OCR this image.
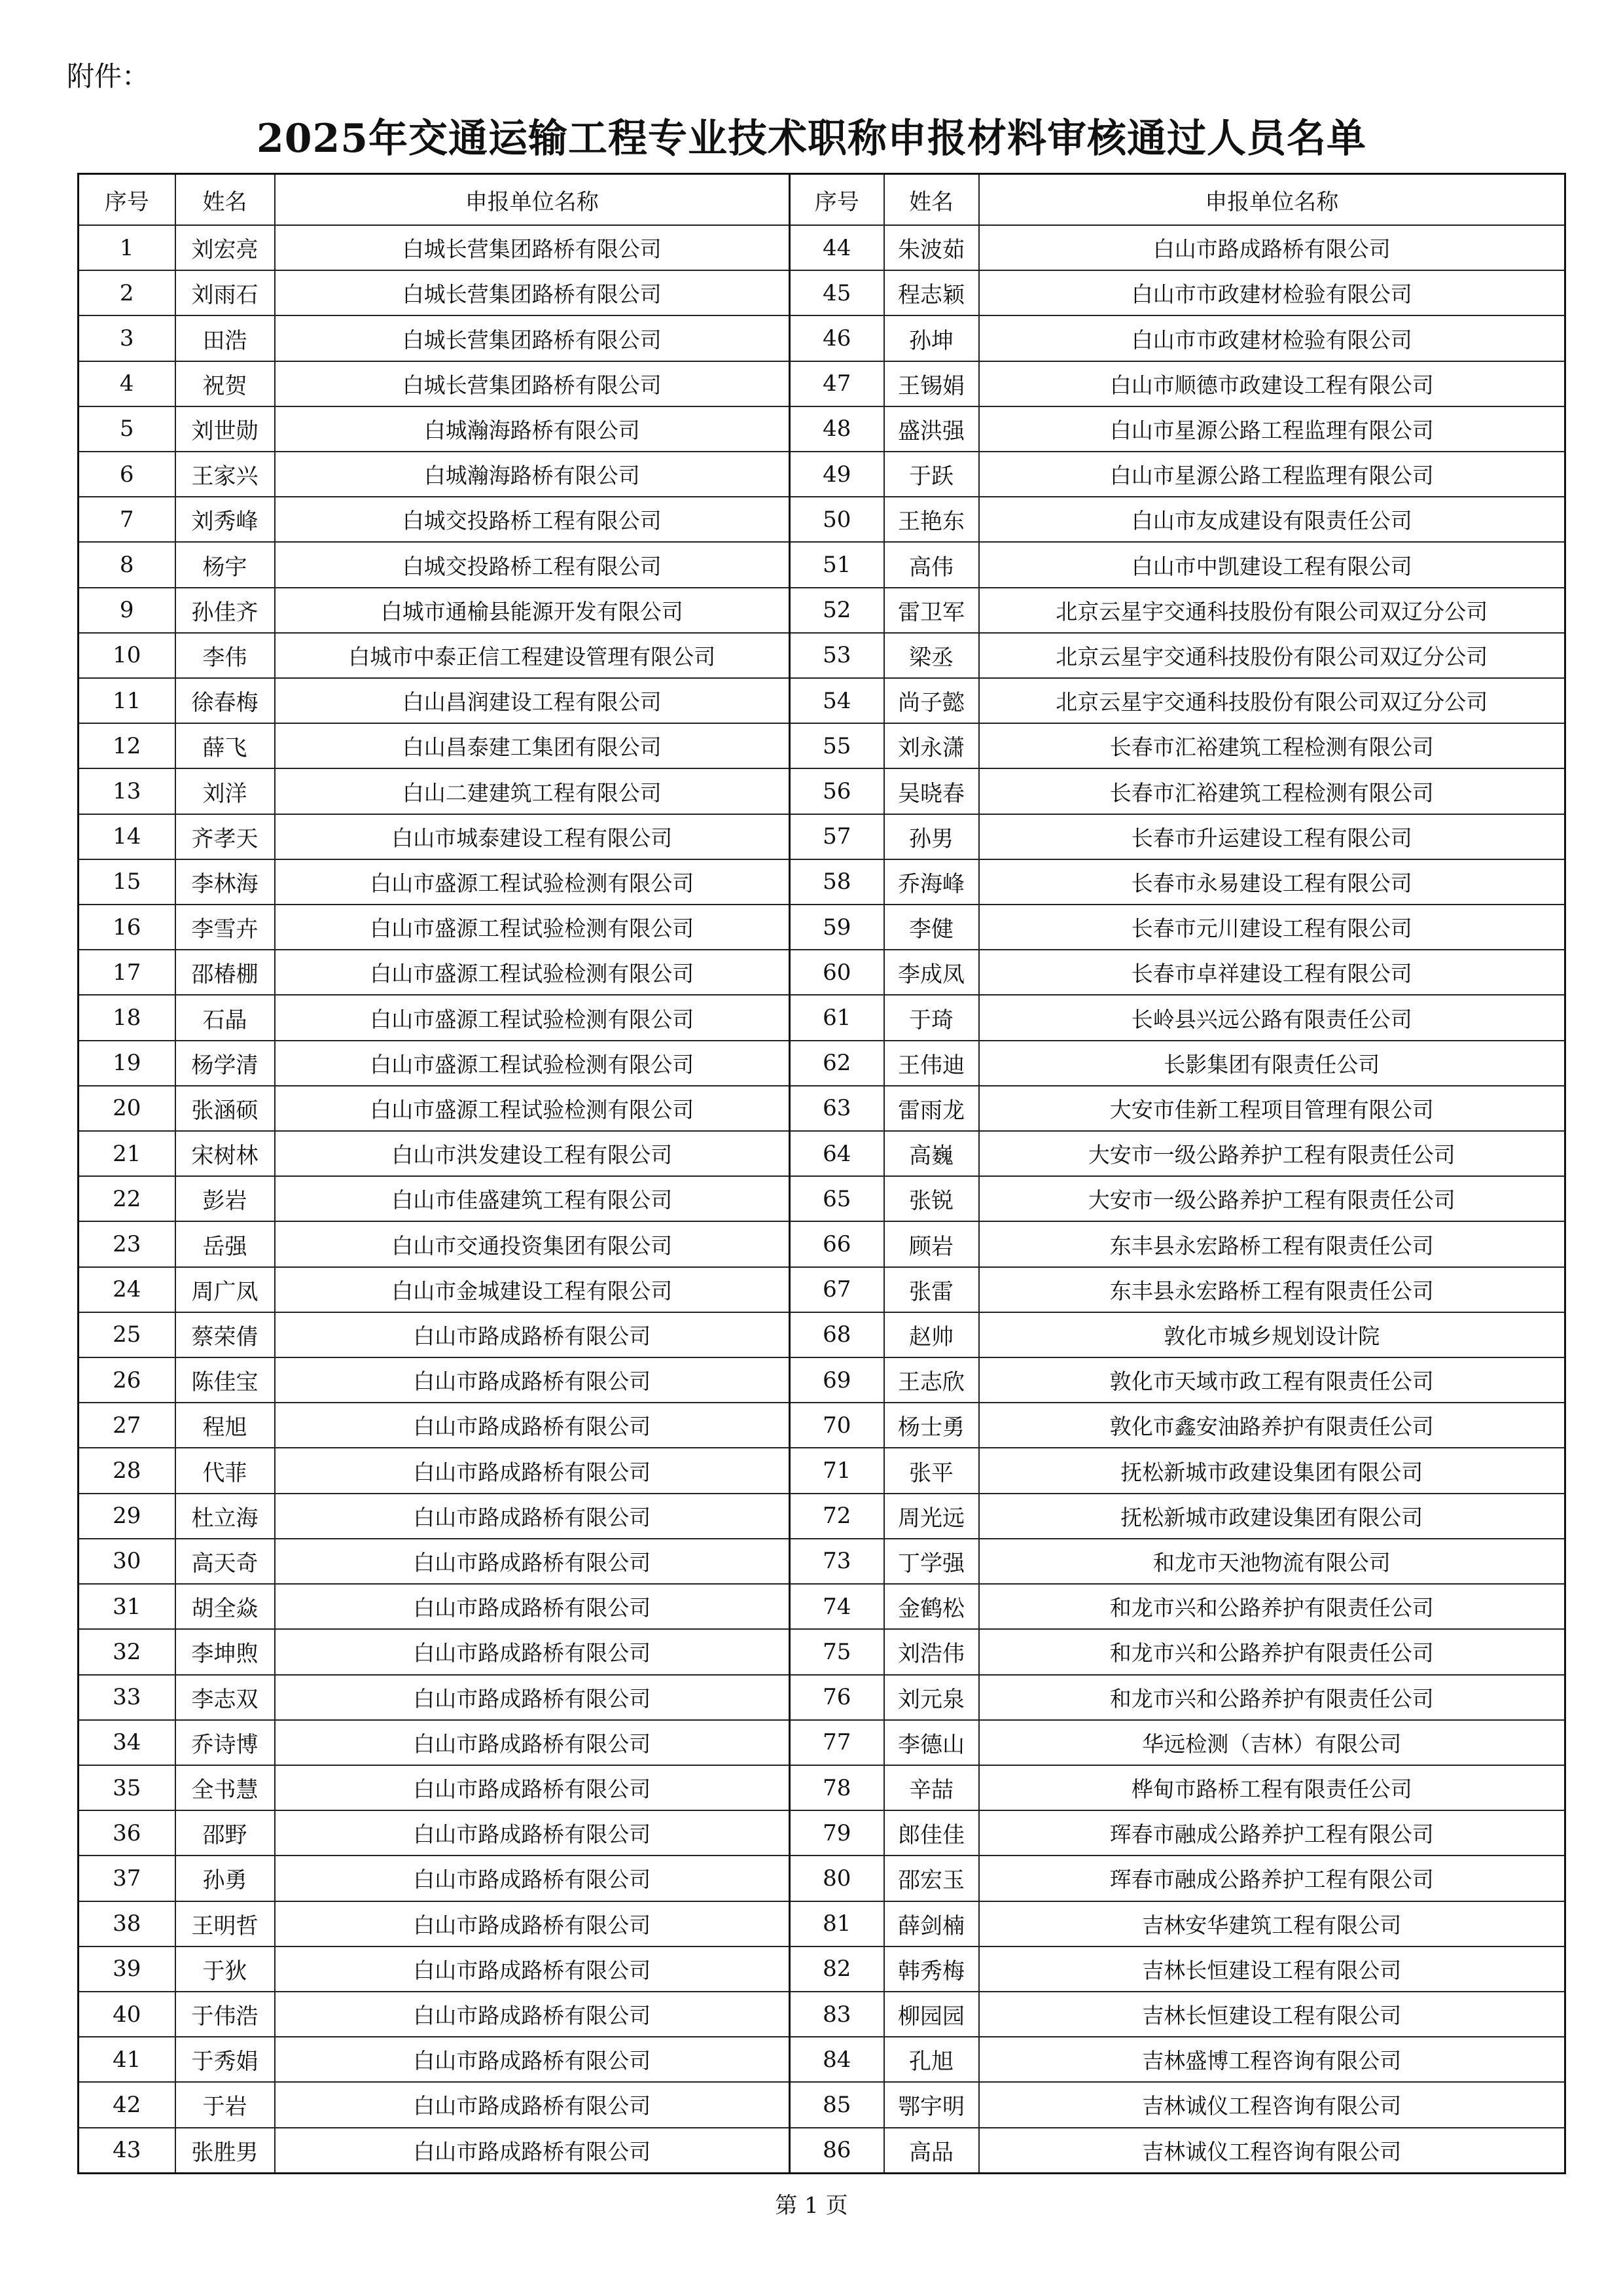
附件：
2025年交通运输工程专业技术职称申报材料审核通过人员名单
序号	姓名	申报单位名称	序号	姓名	申报单位名称
1	刘宏亮	白城长营集团路桥有限公司	44	朱波茹	白山市路成路桥有限公司
2	刘雨石	白城长营集团路桥有限公司	45	程志颖	白山市市政建材检验有限公司
3	田浩	白城长营集团路桥有限公司	46	孙坤	白山市市政建材检验有限公司
4	祝贺	白城长营集团路桥有限公司	47	王锡娟	白山市顺德市政建设工程有限公司
5	刘世勋	白城瀚海路桥有限公司	48	盛洪强	白山市星源公路工程监理有限公司
6	王家兴	白城瀚海路桥有限公司	49	于跃	白山市星源公路工程监理有限公司
7	刘秀峰	白城交投路桥工程有限公司	50	王艳东	白山市友成建设有限责任公司
8	杨宇	白城交投路桥工程有限公司	51	高伟	白山市中凯建设工程有限公司
9	孙佳齐	白城市通榆县能源开发有限公司	52	雷卫军	北京云星宇交通科技股份有限公司双辽分公司
10	李伟	白城市中泰正信工程建设管理有限公司	53	梁丞	北京云星宇交通科技股份有限公司双辽分公司
11	徐春梅	白山昌润建设工程有限公司	54	尚子懿	北京云星宇交通科技股份有限公司双辽分公司
12	薛飞	白山昌泰建工集团有限公司	55	刘永潇	长春市汇裕建筑工程检测有限公司
13	刘洋	白山二建建筑工程有限公司	56	吴晓春	长春市汇裕建筑工程检测有限公司
14	齐孝天	白山市城泰建设工程有限公司	57	孙男	长春市升运建设工程有限公司
15	李林海	白山市盛源工程试验检测有限公司	58	乔海峰	长春市永易建设工程有限公司
16	李雪卉	白山市盛源工程试验检测有限公司	59	李健	长春市元川建设工程有限公司
17	邵椿棚	白山市盛源工程试验检测有限公司	60	李成凤	长春市卓祥建设工程有限公司
18	石晶	白山市盛源工程试验检测有限公司	61	于琦	长岭县兴远公路有限责任公司
19	杨学清	白山市盛源工程试验检测有限公司	62	王伟迪	长影集团有限责任公司
20	张涵硕	白山市盛源工程试验检测有限公司	63	雷雨龙	大安市佳新工程项目管理有限公司
21	宋树林	白山市洪发建设工程有限公司	64	高巍	大安市一级公路养护工程有限责任公司
22	彭岩	白山市佳盛建筑工程有限公司	65	张锐	大安市一级公路养护工程有限责任公司
23	岳强	白山市交通投资集团有限公司	66	顾岩	东丰县永宏路桥工程有限责任公司
24	周广凤	白山市金城建设工程有限公司	67	张雷	东丰县永宏路桥工程有限责任公司
25	蔡荣倩	白山市路成路桥有限公司	68	赵帅	敦化市城乡规划设计院
26	陈佳宝	白山市路成路桥有限公司	69	王志欣	敦化市天域市政工程有限责任公司
27	程旭	白山市路成路桥有限公司	70	杨士勇	敦化市鑫安油路养护有限责任公司
28	代菲	白山市路成路桥有限公司	71	张平	抚松新城市政建设集团有限公司
29	杜立海	白山市路成路桥有限公司	72	周光远	抚松新城市政建设集团有限公司
30	高天奇	白山市路成路桥有限公司	73	丁学强	和龙市天池物流有限公司
31	胡全焱	白山市路成路桥有限公司	74	金鹤松	和龙市兴和公路养护有限责任公司
32	李坤煦	白山市路成路桥有限公司	75	刘浩伟	和龙市兴和公路养护有限责任公司
33	李志双	白山市路成路桥有限公司	76	刘元泉	和龙市兴和公路养护有限责任公司
34	乔诗博	白山市路成路桥有限公司	77	李德山	华远检测（吉林）有限公司
35	全书慧	白山市路成路桥有限公司	78	辛喆	桦甸市路桥工程有限责任公司
36	邵野	白山市路成路桥有限公司	79	郎佳佳	珲春市融成公路养护工程有限公司
37	孙勇	白山市路成路桥有限公司	80	邵宏玉	珲春市融成公路养护工程有限公司
38	王明哲	白山市路成路桥有限公司	81	薛剑楠	吉林安华建筑工程有限公司
39	于狄	白山市路成路桥有限公司	82	韩秀梅	吉林长恒建设工程有限公司
40	于伟浩	白山市路成路桥有限公司	83	柳园园	吉林长恒建设工程有限公司
41	于秀娟	白山市路成路桥有限公司	84	孔旭	吉林盛博工程咨询有限公司
42	于岩	白山市路成路桥有限公司	85	鄂宇明	吉林诚仪工程咨询有限公司
43	张胜男	白山市路成路桥有限公司	86	高品	吉林诚仪工程咨询有限公司
第 1 页
